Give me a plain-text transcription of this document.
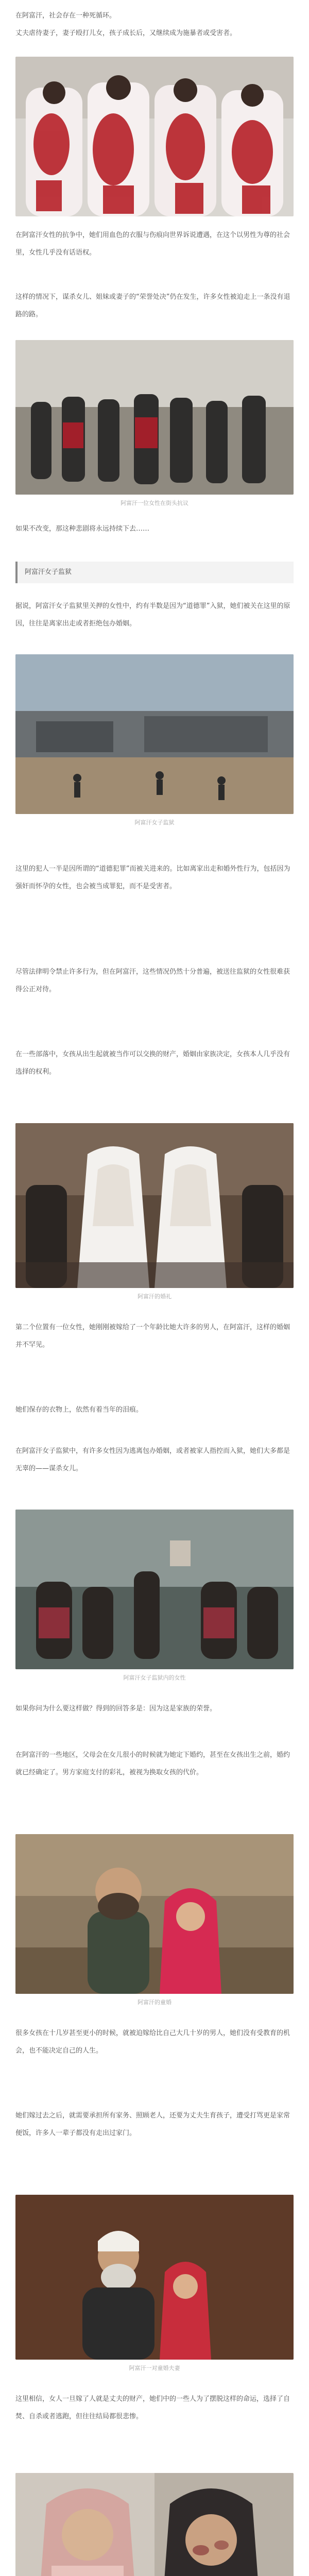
在阿富汗，社会存在一种死循环。

丈夫虐待妻子，妻子殴打儿女，孩子成长后，又继续成为施暴者或受害者。

在阿富汗女性的抗争中，她们用血色的衣服与伤痕向世界诉说遭遇，在这个以男性为尊的社会里，女性几乎没有话语权。

这样的情况下，谋杀女儿、姐妹或妻子的“荣誉处决”仍在发生，许多女性被迫走上一条没有退路的路。

阿富汗一位女性在街头抗议

如果不改变，那这种悲剧将永远持续下去……

阿富汗女子监狱

据说，阿富汗女子监狱里关押的女性中，约有半数是因为“道德罪”入狱，她们被关在这里的原因，往往是离家出走或者拒绝包办婚姻。

阿富汗女子监狱

这里的犯人一半是因所谓的“道德犯罪”而被关进来的。比如离家出走和婚外性行为，包括因为强奸而怀孕的女性，也会被当成罪犯，而不是受害者。

尽管法律明令禁止许多行为，但在阿富汗，这些情况仍然十分普遍，被送往监狱的女性很难获得公正对待。

在一些部落中，女孩从出生起就被当作可以交换的财产，婚姻由家族决定，女孩本人几乎没有选择的权利。

阿富汗的婚礼

第二个位置有一位女性，她刚刚被嫁给了一个年龄比她大许多的男人，在阿富汗，这样的婚姻并不罕见。

她们保存的衣物上，依然有着当年的泪痕。

在阿富汗女子监狱中，有许多女性因为逃离包办婚姻，或者被家人指控而入狱，她们大多都是无辜的——谋杀女儿。

阿富汗女子监狱内的女性

如果你问为什么要这样做？得到的回答多是：因为这是家族的荣誉。

在阿富汗的一些地区，父母会在女儿很小的时候就为她定下婚约，甚至在女孩出生之前，婚约就已经确定了。男方家庭支付的彩礼，被视为换取女孩的代价。

阿富汗的童婚

很多女孩在十几岁甚至更小的时候，就被迫嫁给比自己大几十岁的男人，她们没有受教育的机会，也不能决定自己的人生。

她们嫁过去之后，就需要承担所有家务、照顾老人，还要为丈夫生育孩子，遭受打骂更是家常便饭，许多人一辈子都没有走出过家门。

阿富汗一对童婚夫妻

这里相信，女人一旦嫁了人就是丈夫的财产，她们中的一些人为了摆脱这样的命运，选择了自焚、自杀或者逃跑，但往往结局都很悲惨。
